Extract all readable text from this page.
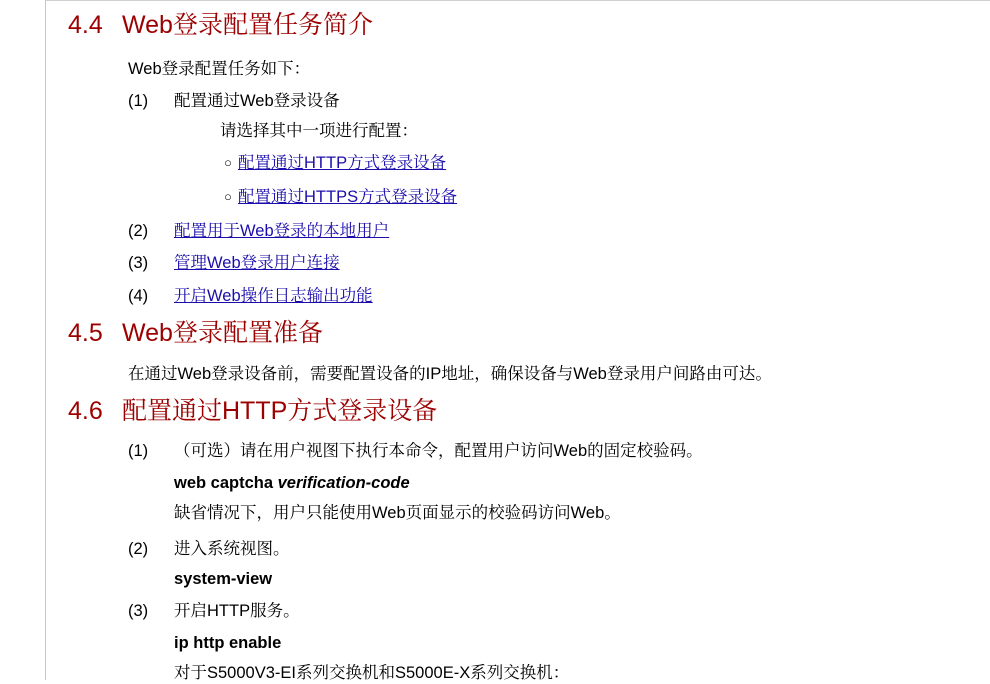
4.4 Web登录配置任务简介
Web登录配置任务如下：
(1)	配置通过Web登录设备
请选择其中一项进行配置：
○ 配置通过HTTP方式登录设备
○ 配置通过HTTPS方式登录设备
(2)	配置用于Web登录的本地用户
(3)	管理Web登录用户连接
(4)	开启Web操作日志输出功能
4.5 Web登录配置准备
在通过Web登录设备前，需要配置设备的IP地址，确保设备与Web登录用户间路由可达。
4.6 配置通过HTTP方式登录设备
(1)	（可选）请在用户视图下执行本命令，配置用户访问Web的固定校验码。
web captcha verification-code
缺省情况下，用户只能使用Web页面显示的校验码访问Web。
(2)	进入系统视图。
system-view
(3)	开启HTTP服务。
ip http enable
对于S5000V3-EI系列交换机和S5000E-X系列交换机：
